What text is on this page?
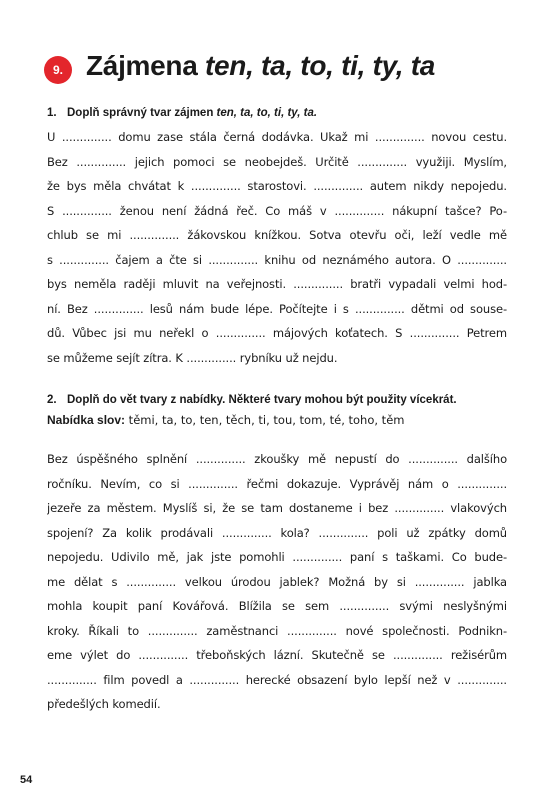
9. Zájmena ten, ta, to, ti, ty, ta

1. Doplň správný tvar zájmen ten, ta, to, ti, ty, ta.

U .............. domu zase stála černá dodávka. Ukaž mi .............. novou cestu.
Bez .............. jejich pomoci se neobejdeš. Určitě .............. využiji. Myslím,
že bys měla chvátat k .............. starostovi. .............. autem nikdy nepojedu.
S .............. ženou není žádná řeč. Co máš v .............. nákupní tašce? Po-
chlub se mi .............. žákovskou knížkou. Sotva otevřu oči, leží vedle mě
s .............. čajem a čte si .............. knihu od neznámého autora. O ..............
bys neměla raději mluvit na veřejnosti. .............. bratři vypadali velmi hod-
ní. Bez .............. lesů nám bude lépe. Počítejte i s .............. dětmi od souse-
dů. Vůbec jsi mu neřekl o .............. májových koťatech. S .............. Petrem
se můžeme sejít zítra. K .............. rybníku už nejdu.

2. Doplň do vět tvary z nabídky. Některé tvary mohou být použity vícekrát.

Nabídka slov: těmi, ta, to, ten, těch, ti, tou, tom, té, toho, těm

Bez úspěšného splnění .............. zkoušky mě nepustí do .............. dalšího
ročníku. Nevím, co si .............. řečmi dokazuje. Vyprávěj nám o ..............
jezeře za městem. Myslíš si, že se tam dostaneme i bez .............. vlakových
spojení? Za kolik prodávali .............. kola? .............. poli už zpátky domů
nepojedu. Udivilo mě, jak jste pomohli .............. paní s taškami. Co bude-
me dělat s .............. velkou úrodou jablek? Možná by si .............. jablka
mohla koupit paní Kovářová. Blížila se sem .............. svými neslyšnými
kroky. Říkali to .............. zaměstnanci .............. nové společnosti. Podnikn-
eme výlet do .............. třeboňských lázní. Skutečně se .............. režisérům
.............. film povedl a .............. herecké obsazení bylo lepší než v ..............
předešlých komedií.

54
